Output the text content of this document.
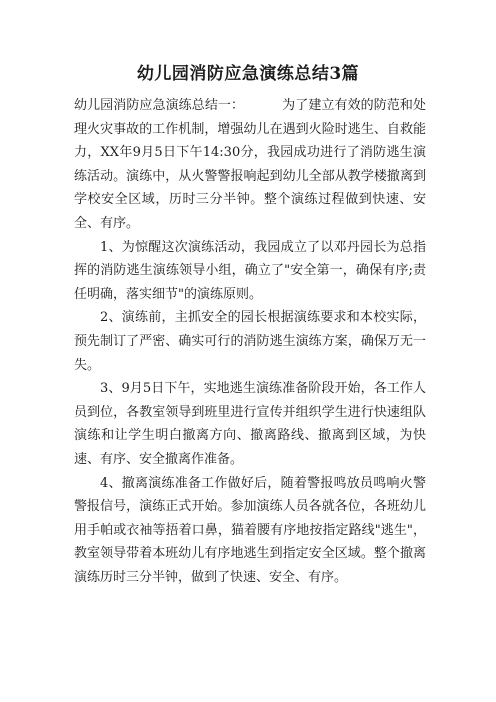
幼儿园消防应急演练总结3篇

幼儿园消防应急演练总结一：	为了建立有效的防范和处理火灾事故的工作机制，增强幼儿在遇到火险时逃生、自救能力，XX年9月5日下午14:30分，我园成功进行了消防逃生演练活动。演练中，从火警警报响起到幼儿全部从教学楼撤离到学校安全区域，历时三分半钟。整个演练过程做到快速、安全、有序。

1、为惊醒这次演练活动，我园成立了以邓丹园长为总指挥的消防逃生演练领导小组，确立了"安全第一，确保有序;责任明确，落实细节"的演练原则。

2、演练前，主抓安全的园长根据演练要求和本校实际，预先制订了严密、确实可行的消防逃生演练方案，确保万无一失。

3、9月5日下午，实地逃生演练准备阶段开始，各工作人员到位，各教室领导到班里进行宣传并组织学生进行快速组队演练和让学生明白撤离方向、撤离路线、撤离到区域，为快速、有序、安全撤离作准备。

4、撤离演练准备工作做好后，随着警报鸣放员鸣响火警警报信号，演练正式开始。参加演练人员各就各位，各班幼儿用手帕或衣袖等捂着口鼻，猫着腰有序地按指定路线"逃生"，教室领导带着本班幼儿有序地逃生到指定安全区域。整个撤离演练历时三分半钟，做到了快速、安全、有序。
